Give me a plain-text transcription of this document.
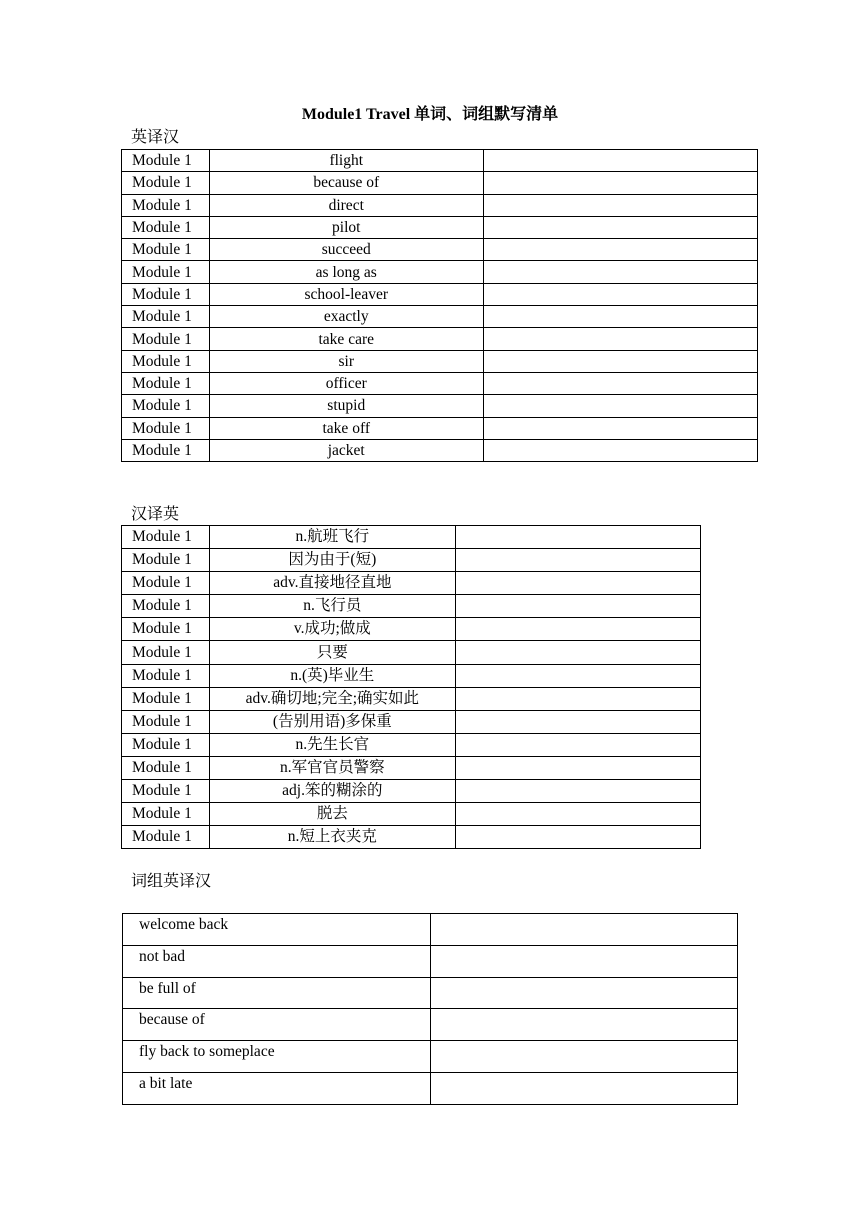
Module1 Travel 单词、词组默写清单
英译汉
Module 1	flight	
Module 1	because of	
Module 1	direct	
Module 1	pilot	
Module 1	succeed	
Module 1	as long as	
Module 1	school-leaver	
Module 1	exactly	
Module 1	take care	
Module 1	sir	
Module 1	officer	
Module 1	stupid	
Module 1	take off	
Module 1	jacket	
汉译英
Module 1	n.航班飞行	
Module 1	因为由于(短)	
Module 1	adv.直接地径直地	
Module 1	n.飞行员	
Module 1	v.成功;做成	
Module 1	只要	
Module 1	n.(英)毕业生	
Module 1	adv.确切地;完全;确实如此	
Module 1	(告别用语)多保重	
Module 1	n.先生长官	
Module 1	n.军官官员警察	
Module 1	adj.笨的糊涂的	
Module 1	脱去	
Module 1	n.短上衣夹克	
词组英译汉
welcome back	
not bad	
be full of	
because of	
fly back to someplace	
a bit late	
